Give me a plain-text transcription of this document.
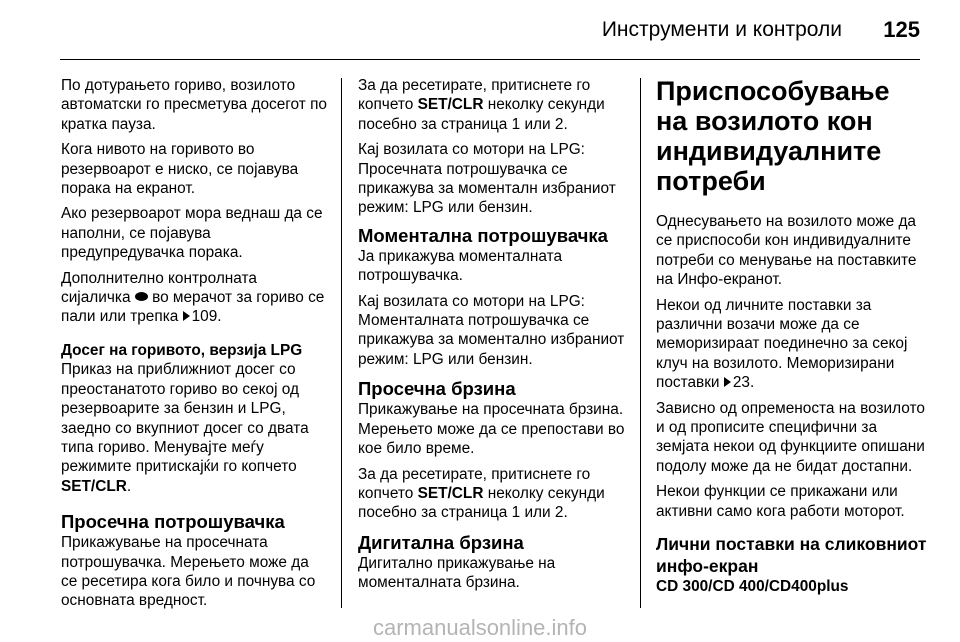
Инструменти и контроли 125
По дотурањето гориво, возилото автоматски го пресметува досегот по кратка пауза.
Кога нивото на горивото во резервоарот е ниско, се појавува порака на екранот.
Ако резервоарот мора веднаш да се наполни, се појавува предупредувачка порака.
Дополнително контролната сијаличка во мерачот за гориво се пали или трепка 109.
Досег на горивото, верзија LPG
Приказ на приближниот досег со преостанатото гориво во секој од резервоарите за бензин и LPG, заедно со вкупниот досег со двата типа гориво. Менувајте меѓу режимите притискајќи го копчето SET/CLR.
Просечна потрошувачка
Прикажување на просечната потрошувачка. Мерењето може да се ресетира кога било и почнува со основната вредност.
За да ресетирате, притиснете го копчето SET/CLR неколку секунди посебно за страница 1 или 2.
Кај возилата со мотори на LPG: Просечната потрошувачка се прикажува за моменталн избраниот режим: LPG или бензин.
Моментална потрошувачка
Ја прикажува моменталната потрошувачка.
Кај возилата со мотори на LPG: Моменталната потрошувачка се прикажува за моментално избраниот режим: LPG или бензин.
Просечна брзина
Прикажување на просечната брзина. Мерењето може да се препостави во кое било време.
За да ресетирате, притиснете го копчето SET/CLR неколку секунди посебно за страница 1 или 2.
Дигитална брзина
Дигитално прикажување на моменталната брзина.
Приспособување на возилото кон индивидуалните потреби
Однесувањето на возилото може да се приспособи кон индивидуалните потреби со менување на поставките на Инфо-екранот.
Некои од личните поставки за различни возачи може да се меморизираат поединечно за секој клуч на возилото. Меморизирани поставки 23.
Зависно од опременоста на возилото и од прописите специфични за земјата некои од функциите опишани подолу може да не бидат достапни.
Некои функции се прикажани или активни само кога работи моторот.
Лични поставки на сликовниот инфо-екран
CD 300/CD 400/CD400plus
carmanualsonline.info
